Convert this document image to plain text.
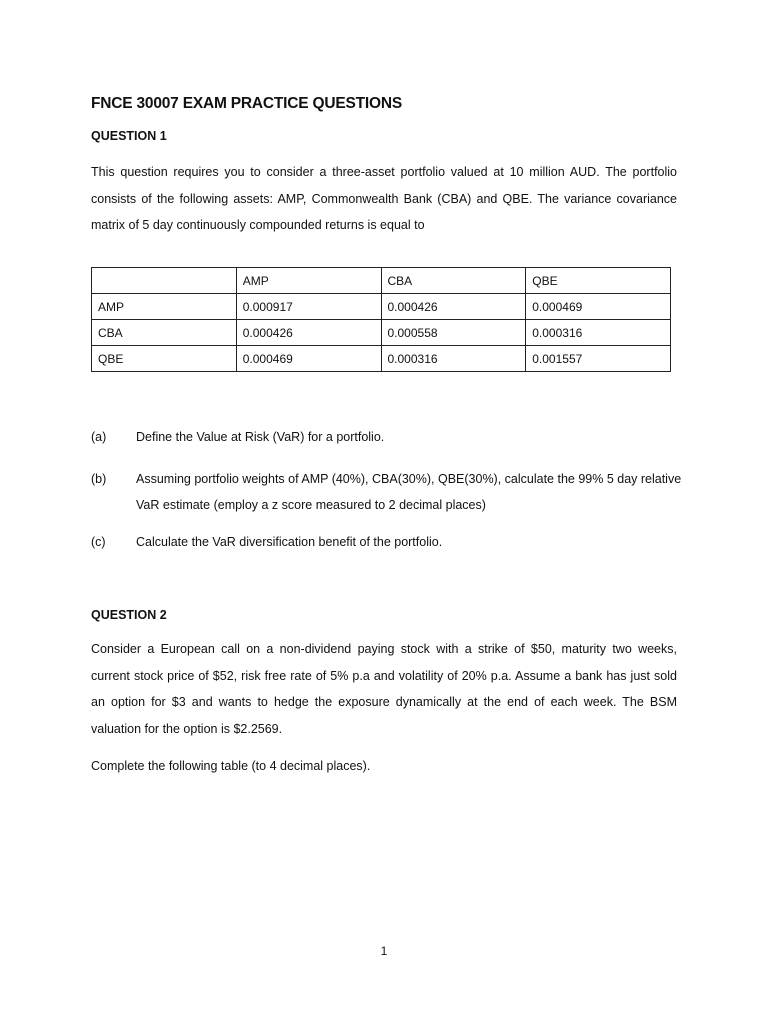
FNCE 30007 EXAM PRACTICE QUESTIONS
QUESTION 1
This question requires you to consider a three-asset portfolio valued at 10 million AUD. The portfolio
consists of the following assets: AMP, Commonwealth Bank (CBA) and QBE. The variance covariance
matrix of 5 day continuously compounded returns is equal to
	AMP	CBA	QBE
AMP	0.000917	0.000426	0.000469
CBA	0.000426	0.000558	0.000316
QBE	0.000469	0.000316	0.001557
(a) Define the Value at Risk (VaR) for a portfolio.
(b) Assuming portfolio weights of AMP (40%), CBA(30%), QBE(30%), calculate the 99% 5 day relative
VaR estimate (employ a z score measured to 2 decimal places)
(c) Calculate the VaR diversification benefit of the portfolio.
QUESTION 2
Consider a European call on a non-dividend paying stock with a strike of $50, maturity two weeks,
current stock price of $52, risk free rate of 5% p.a and volatility of 20% p.a. Assume a bank has just sold
an option for $3 and wants to hedge the exposure dynamically at the end of each week. The BSM
valuation for the option is $2.2569.
Complete the following table (to 4 decimal places).
1
